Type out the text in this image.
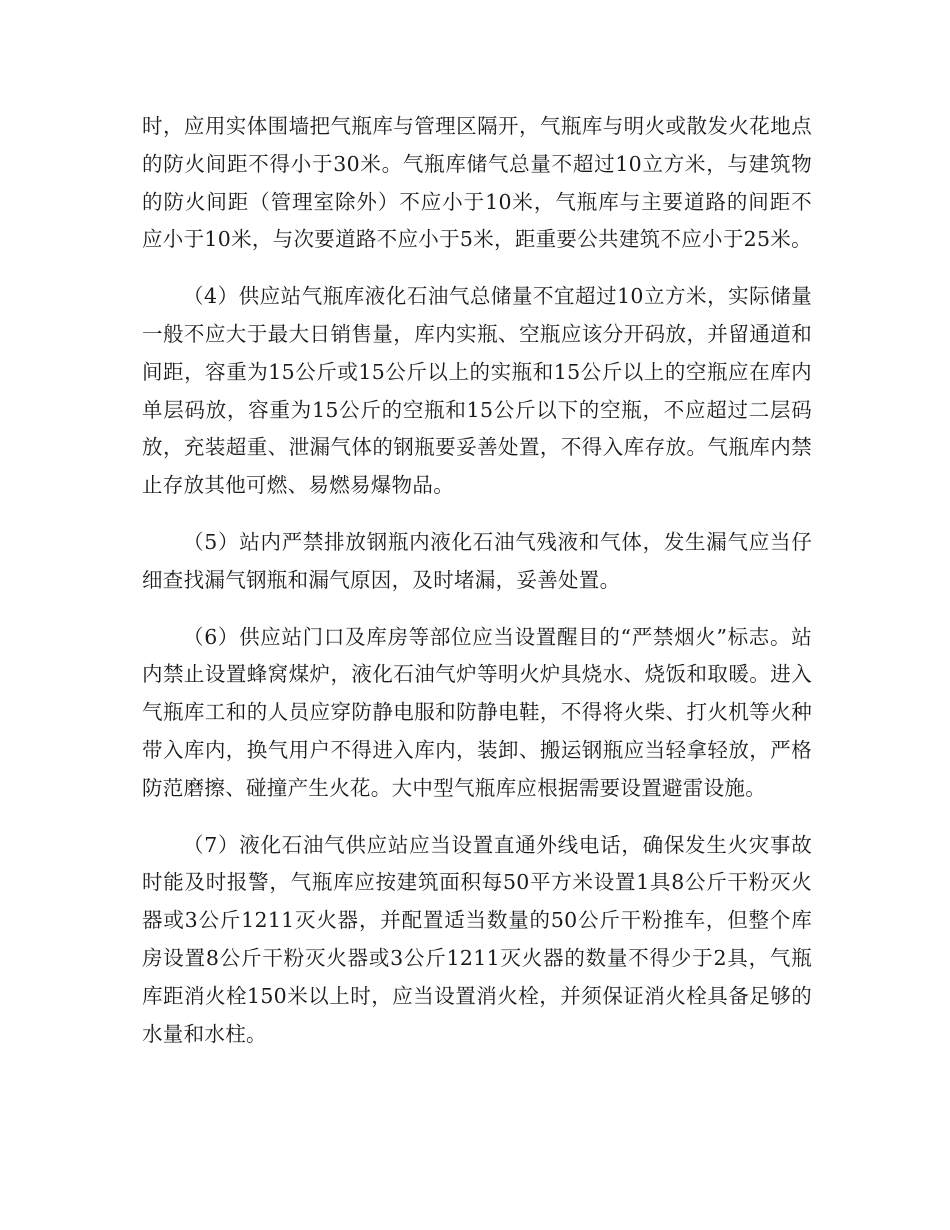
时，应用实体围墙把气瓶库与管理区隔开，气瓶库与明火或散发火花地点的防火间距不得小于30米。气瓶库储气总量不超过10立方米，与建筑物的防火间距（管理室除外）不应小于10米，气瓶库与主要道路的间距不应小于10米，与次要道路不应小于5米，距重要公共建筑不应小于25米。

（4）供应站气瓶库液化石油气总储量不宜超过10立方米，实际储量一般不应大于最大日销售量，库内实瓶、空瓶应该分开码放，并留通道和间距，容重为15公斤或15公斤以上的实瓶和15公斤以上的空瓶应在库内单层码放，容重为15公斤的空瓶和15公斤以下的空瓶，不应超过二层码放，充装超重、泄漏气体的钢瓶要妥善处置，不得入库存放。气瓶库内禁止存放其他可燃、易燃易爆物品。

（5）站内严禁排放钢瓶内液化石油气残液和气体，发生漏气应当仔细查找漏气钢瓶和漏气原因，及时堵漏，妥善处置。

（6）供应站门口及库房等部位应当设置醒目的“严禁烟火”标志。站内禁止设置蜂窝煤炉，液化石油气炉等明火炉具烧水、烧饭和取暖。进入气瓶库工和的人员应穿防静电服和防静电鞋，不得将火柴、打火机等火种带入库内，换气用户不得进入库内，装卸、搬运钢瓶应当轻拿轻放，严格防范磨擦、碰撞产生火花。大中型气瓶库应根据需要设置避雷设施。

（7）液化石油气供应站应当设置直通外线电话，确保发生火灾事故时能及时报警，气瓶库应按建筑面积每50平方米设置1具8公斤干粉灭火器或3公斤1211灭火器，并配置适当数量的50公斤干粉推车，但整个库房设置8公斤干粉灭火器或3公斤1211灭火器的数量不得少于2具，气瓶库距消火栓150米以上时，应当设置消火栓，并须保证消火栓具备足够的水量和水柱。
